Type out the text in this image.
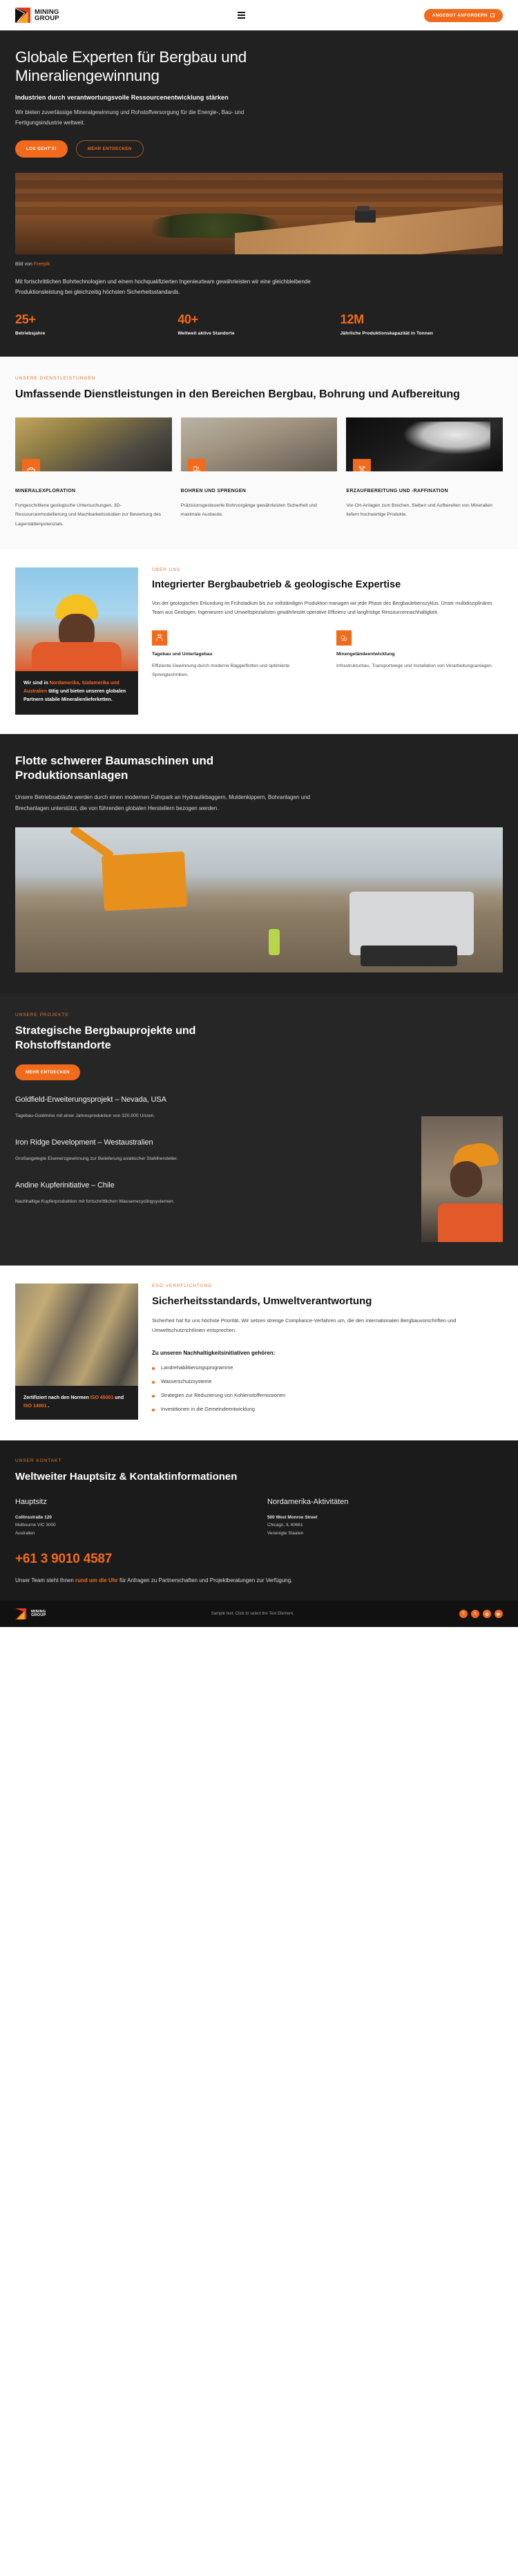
MINING
GROUP	ANGEBOT ANFORDERN →
Globale Experten für Bergbau und Mineraliengewinnung
Industrien durch verantwortungsvolle Ressourcenentwicklung stärken
Wir bieten zuverlässige Mineralgewinnung und Rohstoffversorgung für die Energie-, Bau- und Fertigungsindustrie weltweit.
LOS GEHT'S!	MEHR ENTDECKEN
Bild von Freepik
Mit fortschrittlichen Bohrtechnologien und einem hochqualifizierten Ingenieurteam gewährleisten wir eine gleichbleibende Produktionsleistung bei gleichzeitig höchsten Sicherheitsstandards.
25+
Betriebsjahre
40+
Weltweit aktive Standorte
12M
Jährliche Produktionskapazität in Tonnen
UNSERE DIENSTLEISTUNGEN
Umfassende Dienstleistungen in den Bereichen Bergbau, Bohrung und Aufbereitung
MINERALEXPLORATION

Fortgeschrittene geologische Untersuchungen, 3D-Ressourcenmodellierung und Machbarkeitsstudien zur Bewertung des Lagerstättenpotenzials.

BOHREN UND SPRENGEN

Präzisionsgesteuerte Bohrvorgänge gewährleisten Sicherheit und maximale Ausbeute.

ERZAUFBEREITUNG UND -RAFFINATION

Vor-Ort-Anlagen zum Brechen, Sieben und Aufbereiten von Mineralien liefern hochwertige Produkte.

Wir sind in Nordamerika, Südamerika und Australien tätig und bieten unseren globalen Partnern stabile Mineralienlieferketten.
ÜBER UNS
Integrierter Bergbaubetrieb & geologische Expertise
Von der geologischen Erkundung im Frühstadium bis zur vollständigen Produktion managen wir jede Phase des Bergbaulebenszyklus. Unser multidisziplinäres Team aus Geologen, Ingenieuren und Umweltspezialisten gewährleistet operative Effizienz und langfristige Ressourcennachhaltigkeit.
Tagebau und Untertagebau

Effiziente Gewinnung durch moderne Baggerflotten und optimierte Sprengtechniken.

Minengeländeentwicklung

Infrastrukturbau, Transportwege und Installation von Verarbeitungsanlagen.

Flotte schwerer Baumaschinen und Produktionsanlagen

Unsere Betriebsabläufe werden durch einen modernen Fuhrpark an Hydraulikbaggern, Muldenkippern, Bohranlagen und Brechanlagen unterstützt, die von führenden globalen Herstellern bezogen werden.

UNSERE PROJEKTE
Strategische Bergbauprojekte und Rohstoffstandorte
MEHR ENTDECKEN
Goldfield-Erweiterungsprojekt – Nevada, USA

Tagebau-Goldmine mit einer Jahresproduktion von 320.000 Unzen.

Iron Ridge Development – Westaustralien

Großangelegte Eisenerzgewinnung zur Belieferung asiatischer Stahlhersteller.

Andine Kupferinitiative – Chile

Nachhaltige Kupferproduktion mit fortschrittlichen Wasserrecyclingsystemen.

Zertifiziert nach den Normen ISO 45001 und ISO 14001 .
ESG-VERPFLICHTUNG
Sicherheitsstandards, Umweltverantwortung
Sicherheit hat für uns höchste Priorität. Wir setzen strenge Compliance-Verfahren um, die den internationalen Bergbauvorschriften und Umweltschutzrichtlinien entsprechen.
Zu unseren Nachhaltigkeitsinitiativen gehören:
Landrehabilitierungsprogramme
Wasserschutzsysteme
Strategien zur Reduzierung von Kohlenstoffemissionen
Investitionen in die Gemeindeentwicklung
UNSER KONTAKT
Weltweiter Hauptsitz & Kontaktinformationen
Hauptsitz
Collinsstraße 120
Melbourne VIC 3000
Australien
Nordamerika-Aktivitäten
500 West Monroe Street
Chicago, IL 60661
Vereinigte Staaten
+61 3 9010 4587
Unser Team steht Ihnen rund um die Uhr für Anfragen zu Partnerschaften und Projektberatungen zur Verfügung.
MINING
GROUP	Sample text. Click to select the Text Element.	f	t	◎	▶
